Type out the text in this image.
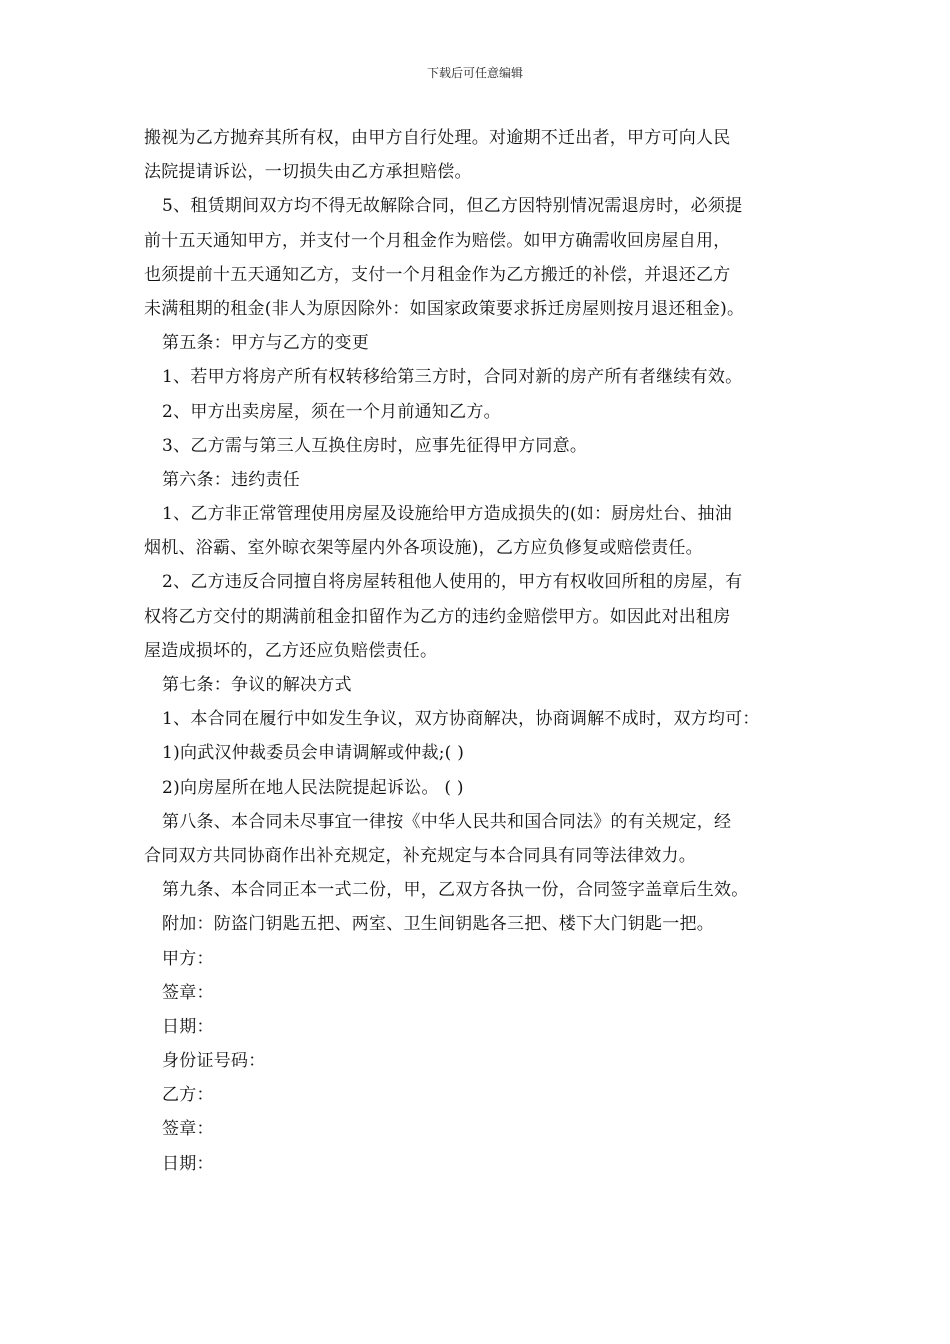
下载后可任意编辑
搬视为乙方抛弃其所有权，由甲方自行处理。对逾期不迁出者，甲方可向人民
法院提请诉讼，一切损失由乙方承担赔偿。
5、租赁期间双方均不得无故解除合同，但乙方因特别情况需退房时，必须提
前十五天通知甲方，并支付一个月租金作为赔偿。如甲方确需收回房屋自用，
也须提前十五天通知乙方，支付一个月租金作为乙方搬迁的补偿，并退还乙方
未满租期的租金(非人为原因除外：如国家政策要求拆迁房屋则按月退还租金)。
第五条：甲方与乙方的变更
1、若甲方将房产所有权转移给第三方时，合同对新的房产所有者继续有效。
2、甲方出卖房屋，须在一个月前通知乙方。
3、乙方需与第三人互换住房时，应事先征得甲方同意。
第六条：违约责任
1、乙方非正常管理使用房屋及设施给甲方造成损失的(如：厨房灶台、抽油
烟机、浴霸、室外晾衣架等屋内外各项设施)，乙方应负修复或赔偿责任。
2、乙方违反合同擅自将房屋转租他人使用的，甲方有权收回所租的房屋，有
权将乙方交付的期满前租金扣留作为乙方的违约金赔偿甲方。如因此对出租房
屋造成损坏的，乙方还应负赔偿责任。
第七条：争议的解决方式
1、本合同在履行中如发生争议，双方协商解决，协商调解不成时，双方均可：
1)向武汉仲裁委员会申请调解或仲裁;( )
2)向房屋所在地人民法院提起诉讼。 ( )
第八条、本合同未尽事宜一律按《中华人民共和国合同法》的有关规定，经
合同双方共同协商作出补充规定，补充规定与本合同具有同等法律效力。
第九条、本合同正本一式二份，甲，乙双方各执一份，合同签字盖章后生效。
附加：防盗门钥匙五把、两室、卫生间钥匙各三把、楼下大门钥匙一把。
甲方：
签章：
日期：
身份证号码：
乙方：
签章：
日期：
